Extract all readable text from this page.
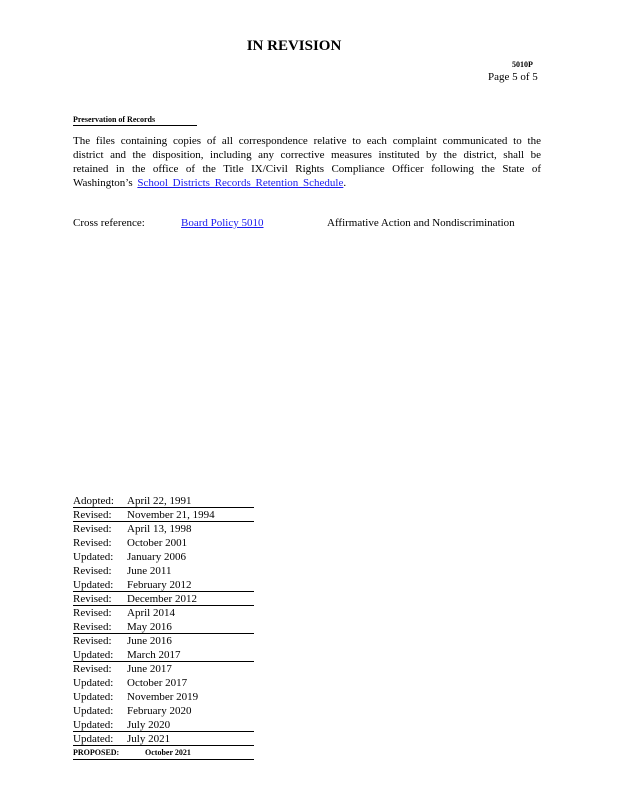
IN REVISION
5010P
Page 5 of 5
Preservation of Records
The files containing copies of all correspondence relative to each complaint communicated to the district and the disposition, including any corrective measures instituted by the district, shall be retained in the office of the Title IX/Civil Rights Compliance Officer following the State of Washington’s School Districts Records Retention Schedule.
Cross reference:	Board Policy 5010	Affirmative Action and Nondiscrimination
Adopted: April 22, 1991
Revised: November 21, 1994
Revised: April 13, 1998
Revised: October 2001
Updated: January 2006
Revised: June 2011
Updated: February 2012
Revised: December 2012
Revised: April 2014
Revised: May 2016
Revised: June 2016
Updated: March 2017
Revised: June 2017
Updated: October 2017
Updated: November 2019
Updated: February 2020
Updated: July 2020
Updated: July 2021
PROPOSED:	October 2021
